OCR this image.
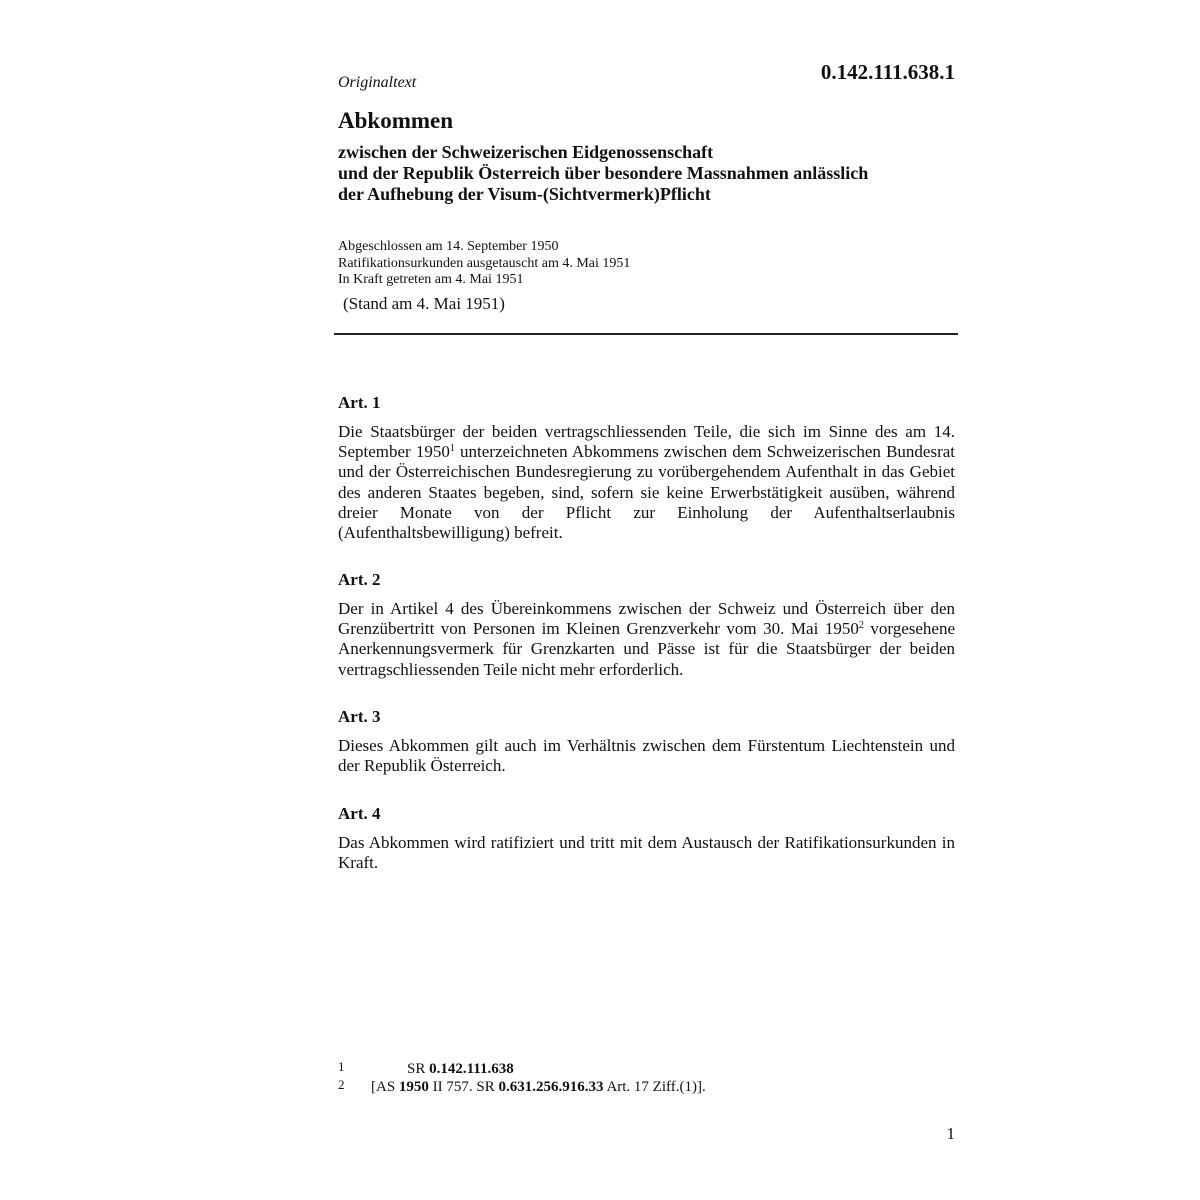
0.142.111.638.1
Originaltext
Abkommen
zwischen der Schweizerischen Eidgenossenschaft
und der Republik Österreich über besondere Massnahmen anlässlich
der Aufhebung der Visum-(Sichtvermerk)Pflicht
Abgeschlossen am 14. September 1950
Ratifikationsurkunden ausgetauscht am 4. Mai 1951
In Kraft getreten am 4. Mai 1951
(Stand am 4. Mai 1951)
Art. 1

Die Staatsbürger der beiden vertragschliessenden Teile, die sich im Sinne des am 14. September 1950$^1$ unterzeichneten Abkommens zwischen dem Schweizerischen Bundesrat und der Österreichischen Bundesregierung zu vorübergehendem Aufenthalt in das Gebiet des anderen Staates begeben, sind, sofern sie keine Erwerbstätigkeit ausüben, während dreier Monate von der Pflicht zur Einholung der Aufenthaltserlaubnis (Aufenthaltsbewilligung) befreit.

Art. 2

Der in Artikel 4 des Übereinkommens zwischen der Schweiz und Österreich über den Grenzübertritt von Personen im Kleinen Grenzverkehr vom 30. Mai 1950$^2$ vorgesehene Anerkennungsvermerk für Grenzkarten und Pässe ist für die Staatsbürger der beiden vertragschliessenden Teile nicht mehr erforderlich.

Art. 3

Dieses Abkommen gilt auch im Verhältnis zwischen dem Fürstentum Liechtenstein und der Republik Österreich.

Art. 4

Das Abkommen wird ratifiziert und tritt mit dem Austausch der Ratifikationsurkunden in Kraft.

1	SR 0.142.111.638
2 [AS 1950 II 757. SR 0.631.256.916.33 Art. 17 Ziff.(1)].
1
